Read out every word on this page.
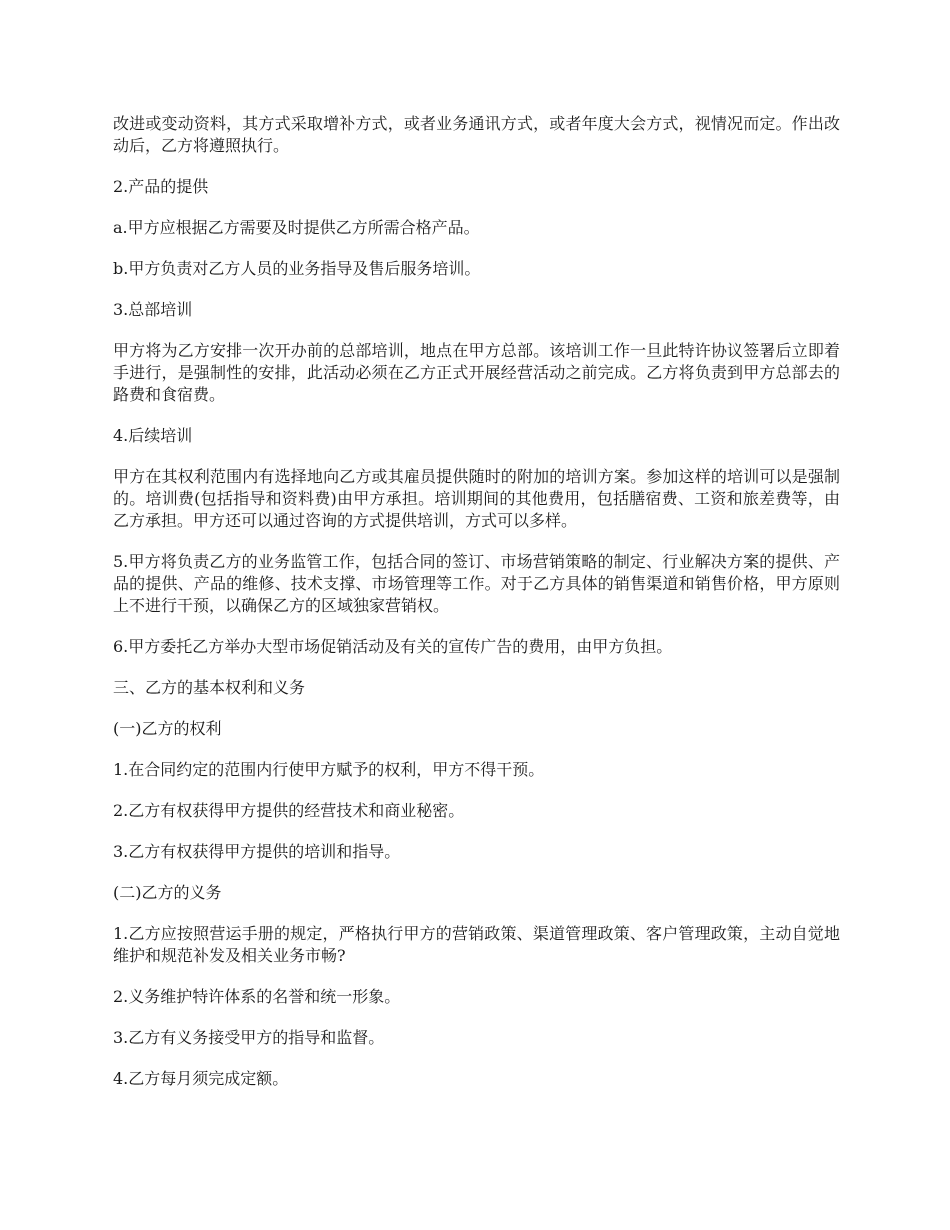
改进或变动资料，其方式采取增补方式，或者业务通讯方式，或者年度大会方式，视情况而定。作出改动后，乙方将遵照执行。

2.产品的提供

a.甲方应根据乙方需要及时提供乙方所需合格产品。

b.甲方负责对乙方人员的业务指导及售后服务培训。

3.总部培训

甲方将为乙方安排一次开办前的总部培训，地点在甲方总部。该培训工作一旦此特许协议签署后立即着手进行，是强制性的安排，此活动必须在乙方正式开展经营活动之前完成。乙方将负责到甲方总部去的路费和食宿费。

4.后续培训

甲方在其权利范围内有选择地向乙方或其雇员提供随时的附加的培训方案。参加这样的培训可以是强制的。培训费(包括指导和资料费)由甲方承担。培训期间的其他费用，包括膳宿费、工资和旅差费等，由乙方承担。甲方还可以通过咨询的方式提供培训，方式可以多样。

5.甲方将负责乙方的业务监管工作，包括合同的签订、市场营销策略的制定、行业解决方案的提供、产品的提供、产品的维修、技术支撑、市场管理等工作。对于乙方具体的销售渠道和销售价格，甲方原则上不进行干预，以确保乙方的区域独家营销权。

6.甲方委托乙方举办大型市场促销活动及有关的宣传广告的费用，由甲方负担。

三、乙方的基本权利和义务

(一)乙方的权利

1.在合同约定的范围内行使甲方赋予的权利，甲方不得干预。

2.乙方有权获得甲方提供的经营技术和商业秘密。

3.乙方有权获得甲方提供的培训和指导。

(二)乙方的义务

1.乙方应按照营运手册的规定，严格执行甲方的营销政策、渠道管理政策、客户管理政策，主动自觉地维护和规范补发及相关业务市畅?

2.义务维护特许体系的名誉和统一形象。

3.乙方有义务接受甲方的指导和监督。

4.乙方每月须完成定额。
